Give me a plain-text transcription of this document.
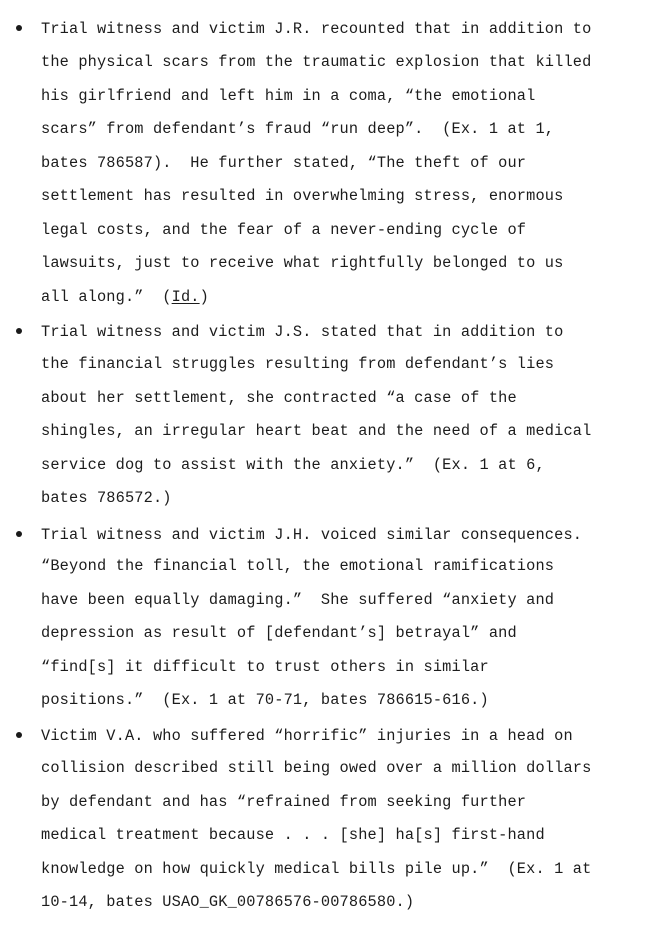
Trial witness and victim J.R. recounted that in addition to

the physical scars from the traumatic explosion that killed

his girlfriend and left him in a coma, “the emotional

scars” from defendant’s fraud “run deep”.  (Ex. 1 at 1,

bates 786587).  He further stated, “The theft of our

settlement has resulted in overwhelming stress, enormous

legal costs, and the fear of a never-ending cycle of

lawsuits, just to receive what rightfully belonged to us

all along.”  (Id.)

Trial witness and victim J.S. stated that in addition to

the financial struggles resulting from defendant’s lies

about her settlement, she contracted “a case of the

shingles, an irregular heart beat and the need of a medical

service dog to assist with the anxiety.”  (Ex. 1 at 6,

bates 786572.)

Trial witness and victim J.H. voiced similar consequences.

“Beyond the financial toll, the emotional ramifications

have been equally damaging.”  She suffered “anxiety and

depression as result of [defendant’s] betrayal” and

“find[s] it difficult to trust others in similar

positions.”  (Ex. 1 at 70-71, bates 786615-616.)

Victim V.A. who suffered “horrific” injuries in a head on

collision described still being owed over a million dollars

by defendant and has “refrained from seeking further

medical treatment because . . . [she] ha[s] first-hand

knowledge on how quickly medical bills pile up.”  (Ex. 1 at

10-14, bates USAO_GK_00786576-00786580.)
